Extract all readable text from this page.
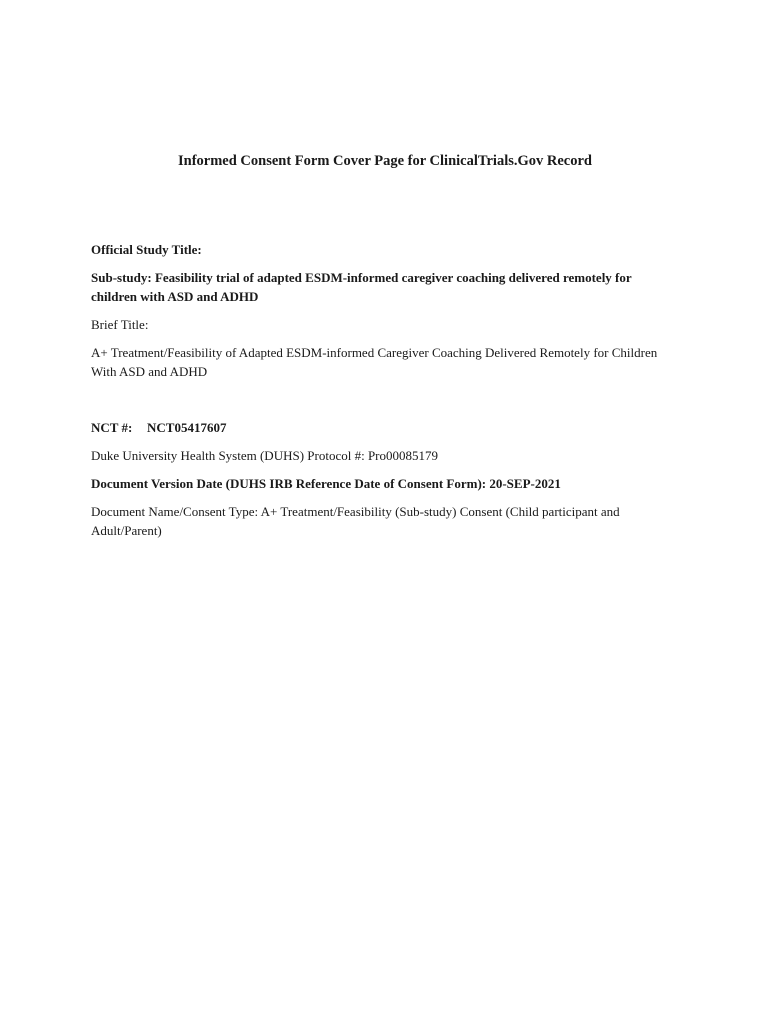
Informed Consent Form Cover Page for ClinicalTrials.Gov Record

Official Study Title:

Sub-study: Feasibility trial of adapted ESDM-informed caregiver coaching delivered remotely for children with ASD and ADHD

Brief Title:

A+ Treatment/Feasibility of Adapted ESDM-informed Caregiver Coaching Delivered Remotely for Children With ASD and ADHD

NCT #: NCT05417607

Duke University Health System (DUHS) Protocol #: Pro00085179

Document Version Date (DUHS IRB Reference Date of Consent Form): 20-SEP-2021

Document Name/Consent Type: A+ Treatment/Feasibility (Sub-study) Consent (Child participant and Adult/Parent)
